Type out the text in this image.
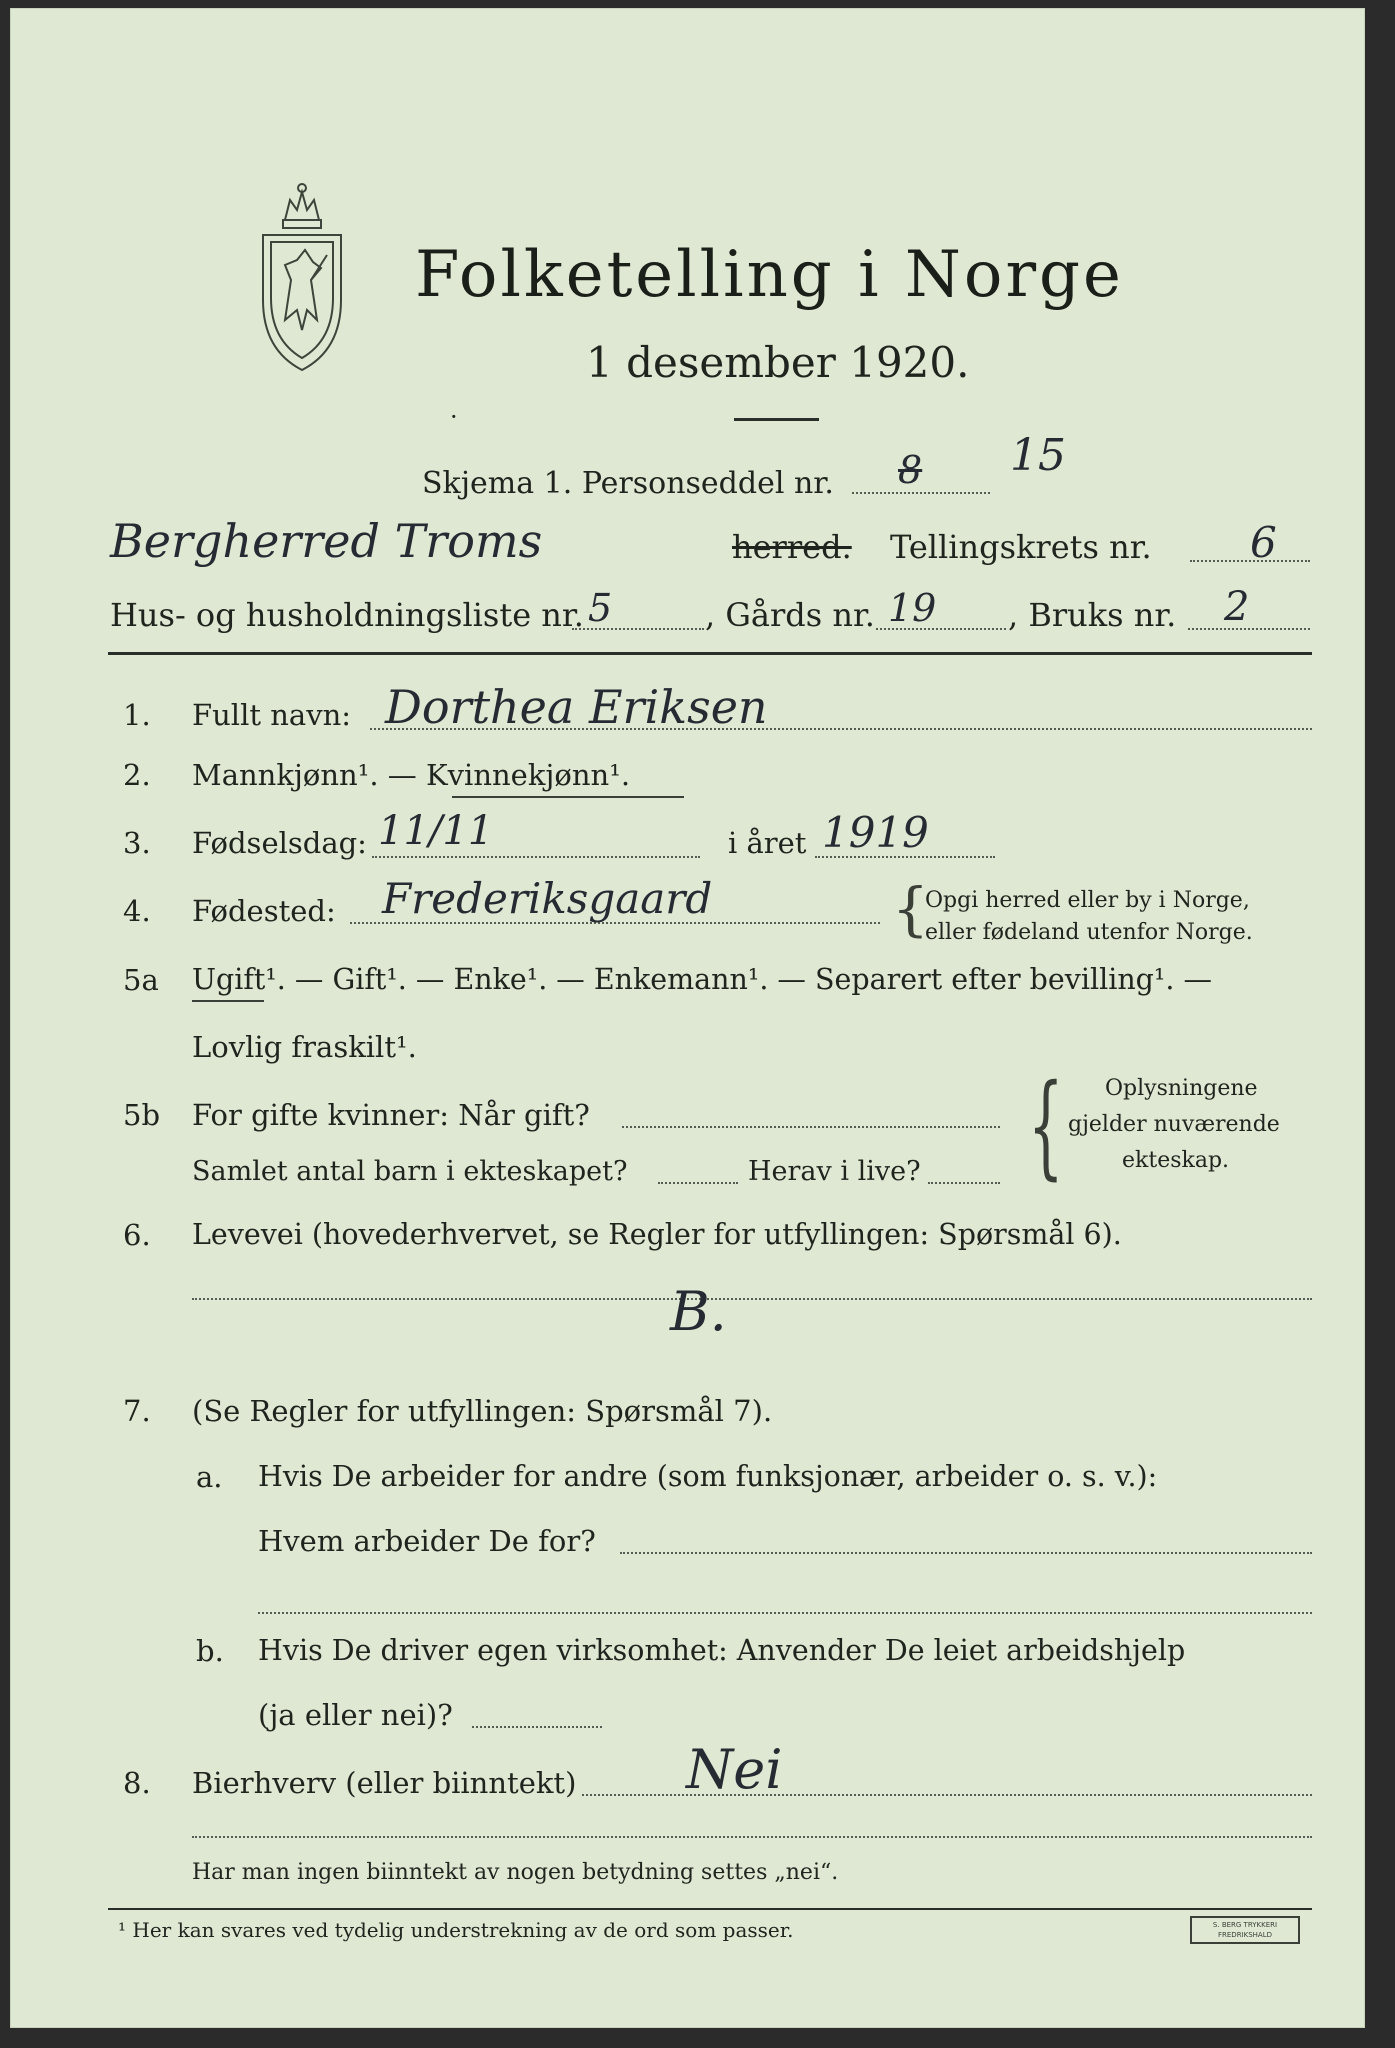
Folketelling i Norge
1 desember 1920.
·
Skjema 1. Personseddel nr. 8 15
Bergherred Troms	herred. Tellingskrets nr. 6
Hus- og husholdningsliste nr. 5	, Gårds nr. 19 , Bruks nr. 2
1. Fullt navn: Dorthea Eriksen
2. Mannkjønn¹. — Kvinnekjønn¹.
3. Fødselsdag: 11/11	i året 1919
4. Fødested: Frederiksgaard	{
Opgi herred eller by i Norge,
eller fødeland utenfor Norge.
5a Ugift¹. — Gift¹. — Enke¹. — Enkemann¹. — Separert efter bevilling¹. —
Lovlig fraskilt¹.
5b For gifte kvinner: Når gift?
Samlet antal barn i ekteskapet?	Herav i live? { Oplysningene
gjelder nuværende
ekteskap.
6. Levevei (hovederhvervet, se Regler for utfyllingen: Spørsmål 6).
B.
7. (Se Regler for utfyllingen: Spørsmål 7).
a. Hvis De arbeider for andre (som funksjonær, arbeider o. s. v.):
Hvem arbeider De for?
b. Hvis De driver egen virksomhet: Anvender De leiet arbeidshjelp
(ja eller nei)?
8. Bierhverv (eller biinntekt) Nei
Har man ingen biinntekt av nogen betydning settes „nei“.
¹ Her kan svares ved tydelig understrekning av de ord som passer.	S. BERG TRYKKERI FREDRIKSHALD
